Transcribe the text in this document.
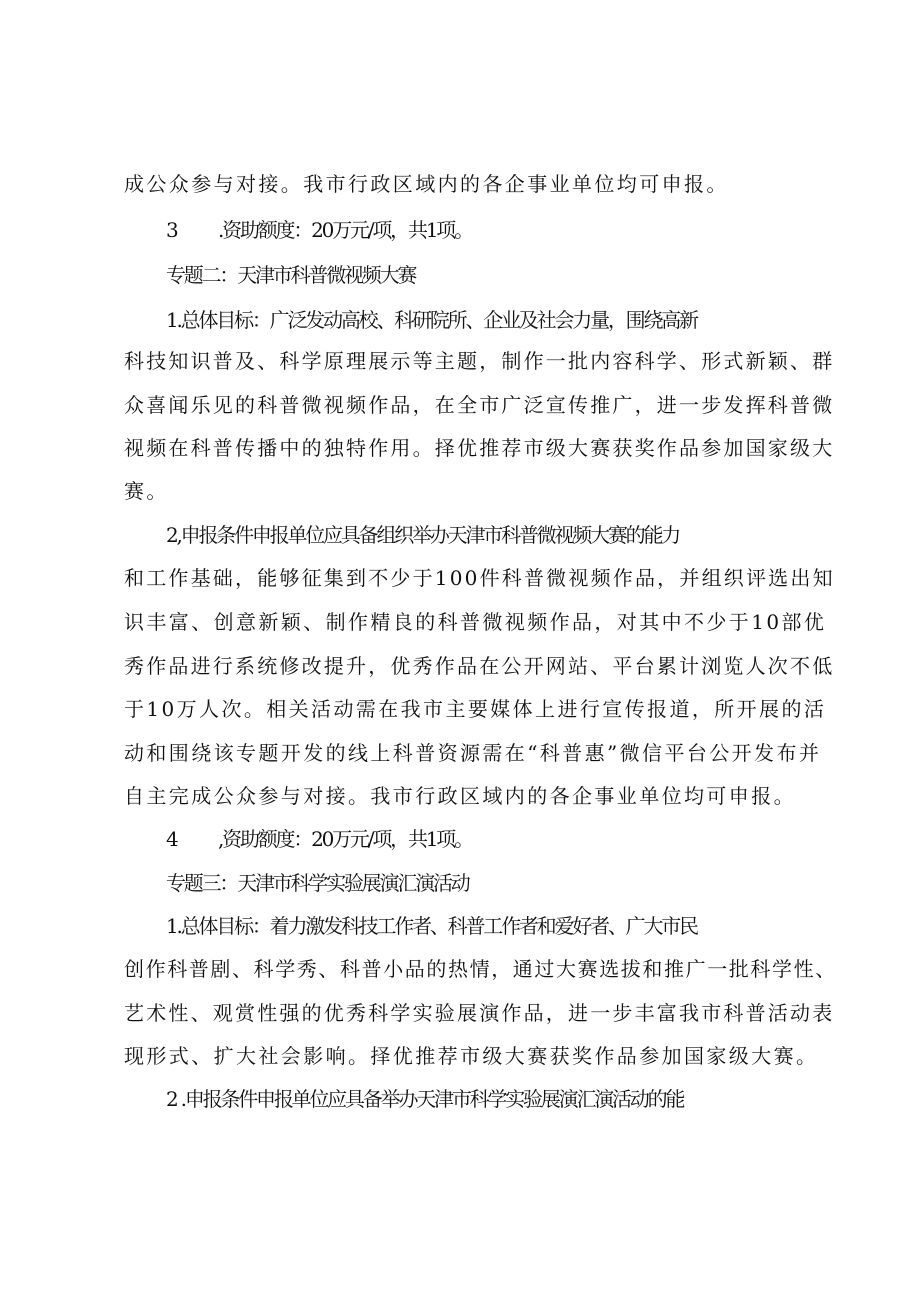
成公众参与对接。我市行政区域内的各企事业单位均可申报。
3 .资助额度：20万元/项，共1项。
专题二：天津市科普微视频大赛
1.总体目标：广泛发动高校、科研院所、企业及社会力量，围绕高新
科技知识普及、科学原理展示等主题，制作一批内容科学、形式新颖、群
众喜闻乐见的科普微视频作品，在全市广泛宣传推广，进一步发挥科普微
视频在科普传播中的独特作用。择优推荐市级大赛获奖作品参加国家级大
赛。
2,申报条件申报单位应具备组织举办天津市科普微视频大赛的能力
和工作基础，能够征集到不少于100件科普微视频作品，并组织评选出知
识丰富、创意新颖、制作精良的科普微视频作品，对其中不少于10部优
秀作品进行系统修改提升，优秀作品在公开网站、平台累计浏览人次不低
于10万人次。相关活动需在我市主要媒体上进行宣传报道，所开展的活
动和围绕该专题开发的线上科普资源需在“科普惠”微信平台公开发布并
自主完成公众参与对接。我市行政区域内的各企事业单位均可申报。
4 ,资助额度：20万元/项，共1项。
专题三：天津市科学实验展演汇演活动
1.总体目标：着力激发科技工作者、科普工作者和爱好者、广大市民
创作科普剧、科学秀、科普小品的热情，通过大赛选拔和推广一批科学性、
艺术性、观赏性强的优秀科学实验展演作品，进一步丰富我市科普活动表
现形式、扩大社会影响。择优推荐市级大赛获奖作品参加国家级大赛。
2 .申报条件申报单位应具备举办天津市科学实验展演汇演活动的能
